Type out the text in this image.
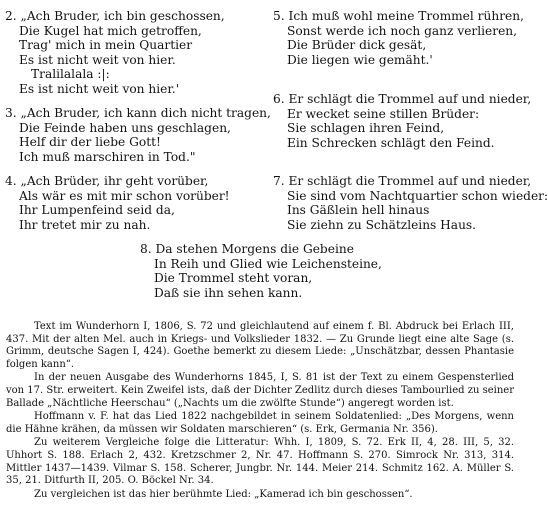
2. „Ach Bruder, ich bin geschossen,
Die Kugel hat mich getroffen,
Trag' mich in mein Quartier
Es ist nicht weit von hier.
Tralilalala :|:
Es ist nicht weit von hier.'
3. „Ach Bruder, ich kann dich nicht tragen,
Die Feinde haben uns geschlagen,
Helf dir der liebe Gott!
Ich muß marschiren in Tod."
4. „Ach Brüder, ihr geht vorüber,
Als wär es mit mir schon vorüber!
Ihr Lumpenfeind seid da,
Ihr tretet mir zu nah.
5. Ich muß wohl meine Trommel rühren,
Sonst werde ich noch ganz verlieren,
Die Brüder dick gesät,
Die liegen wie gemäht.'
6. Er schlägt die Trommel auf und nieder,
Er wecket seine stillen Brüder:
Sie schlagen ihren Feind,
Ein Schrecken schlägt den Feind.
7. Er schlägt die Trommel auf und nieder,
Sie sind vom Nachtquartier schon wieder:
Ins Gäßlein hell hinaus
Sie ziehn zu Schätzleins Haus.
8. Da stehen Morgens die Gebeine
In Reih und Glied wie Leichensteine,
Die Trommel steht voran,
Daß sie ihn sehen kann.

Text im Wunderhorn I, 1806, S. 72 und gleichlautend auf einem f. Bl. Abdruck bei Erlach III, 437. Mit der alten Mel. auch in Kriegs- und Volkslieder 1832. — Zu Grunde liegt eine alte Sage (s. Grimm, deutsche Sagen I, 424). Goethe bemerkt zu diesem Liede: „Unschätzbar, dessen Phantasie folgen kann“.

In der neuen Ausgabe des Wunderhorns 1845, I, S. 81 ist der Text zu einem Gespensterlied von 17. Str. erweitert. Kein Zweifel ists, daß der Dichter Zedlitz durch dieses Tambourlied zu seiner Ballade „Nächtliche Heerschau“ („Nachts um die zwölfte Stunde“) angeregt worden ist.

Hoffmann v. F. hat das Lied 1822 nachgebildet in seinem Soldatenlied: „Des Morgens, wenn die Hähne krähen, da müssen wir Soldaten marschieren“ (s. Erk, Germania Nr. 356).

Zu weiterem Vergleiche folge die Litteratur: Whh. I, 1809, S. 72. Erk II, 4, 28. III, 5, 32. Uhhort S. 188. Erlach 2, 432. Kretzschmer 2, Nr. 47. Hoffmann S. 270. Simrock Nr. 313, 314. Mittler 1437—1439. Vilmar S. 158. Scherer, Jungbr. Nr. 144. Meier 214. Schmitz 162. A. Müller S. 35, 21. Ditfurth II, 205. O. Böckel Nr. 34.

Zu vergleichen ist das hier berühmte Lied: „Kamerad ich bin geschossen“.
